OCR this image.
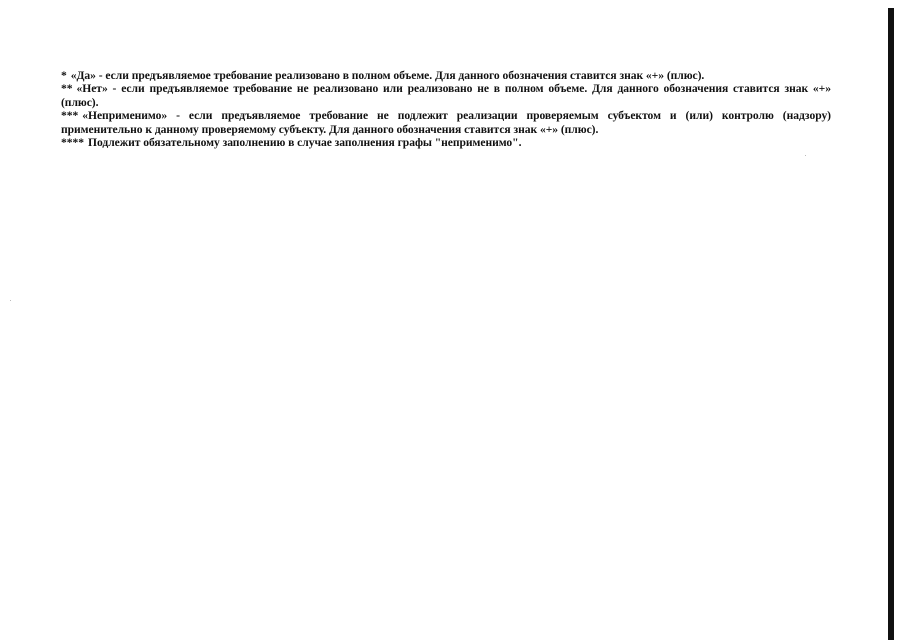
* «Да» - если предъявляемое требование реализовано в полном объеме. Для данного обозначения ставится знак «+» (плюс).

** «Нет» - если предъявляемое требование не реализовано или реализовано не в полном объеме. Для данного обозначения ставится знак «+» (плюс).

*** «Неприменимо» - если предъявляемое требование не подлежит реализации проверяемым субъектом и (или) контролю (надзору) применительно к данному проверяемому субъекту. Для данного обозначения ставится знак «+» (плюс).

**** Подлежит обязательному заполнению в случае заполнения графы "неприменимо".
